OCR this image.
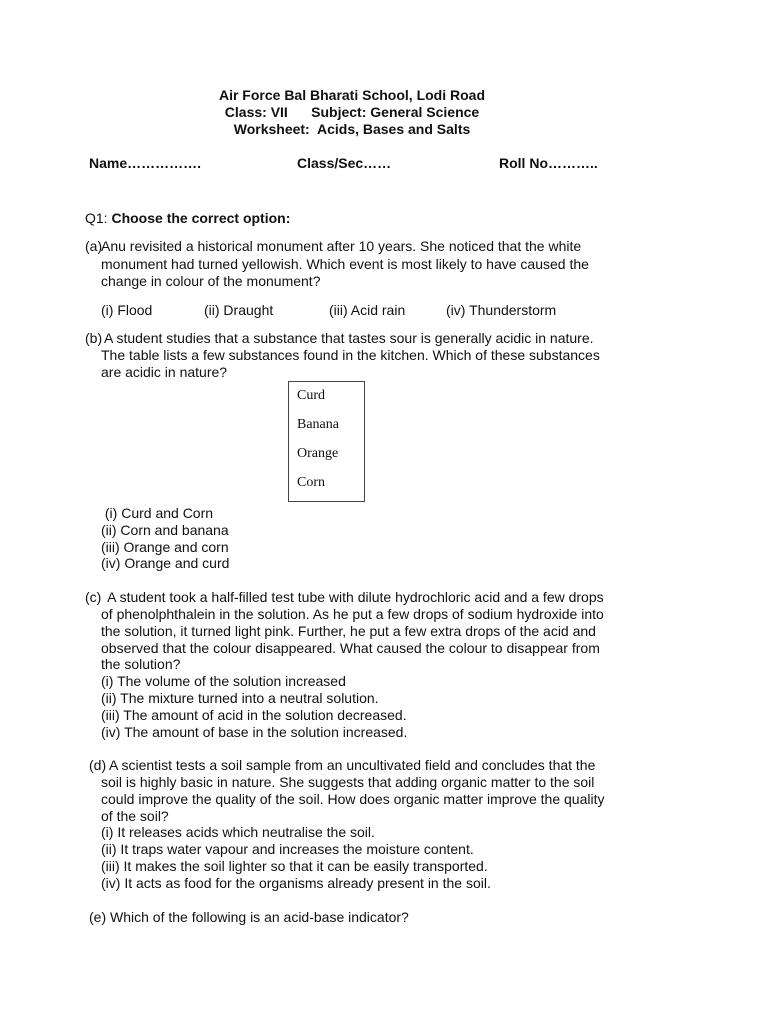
Air Force Bal Bharati School, Lodi Road
Class: VII      Subject: General Science
Worksheet:  Acids, Bases and Salts
Name…………….	Class/Sec……	Roll No………..
Q1: Choose the correct option:
(a)
Anu revisited a historical monument after 10 years. She noticed that the white
monument had turned yellowish. Which event is most likely to have caused the
change in colour of the monument?
(i) Flood	(ii) Draught	(iii) Acid rain	(iv) Thunderstorm
(b) A student studies that a substance that tastes sour is generally acidic in nature.
The table lists a few substances found in the kitchen. Which of these substances
are acidic in nature?
Curd
Banana
Orange
Corn
(i) Curd and Corn
(ii) Corn and banana
(iii) Orange and corn
(iv) Orange and curd
(c) A student took a half-filled test tube with dilute hydrochloric acid and a few drops
of phenolphthalein in the solution. As he put a few drops of sodium hydroxide into
the solution, it turned light pink. Further, he put a few extra drops of the acid and
observed that the colour disappeared. What caused the colour to disappear from
the solution?
(i) The volume of the solution increased
(ii) The mixture turned into a neutral solution.
(iii) The amount of acid in the solution decreased.
(iv) The amount of base in the solution increased.
(d) A scientist tests a soil sample from an uncultivated field and concludes that the
soil is highly basic in nature. She suggests that adding organic matter to the soil
could improve the quality of the soil. How does organic matter improve the quality
of the soil?
(i) It releases acids which neutralise the soil.
(ii) It traps water vapour and increases the moisture content.
(iii) It makes the soil lighter so that it can be easily transported.
(iv) It acts as food for the organisms already present in the soil.
(e) Which of the following is an acid-base indicator?
